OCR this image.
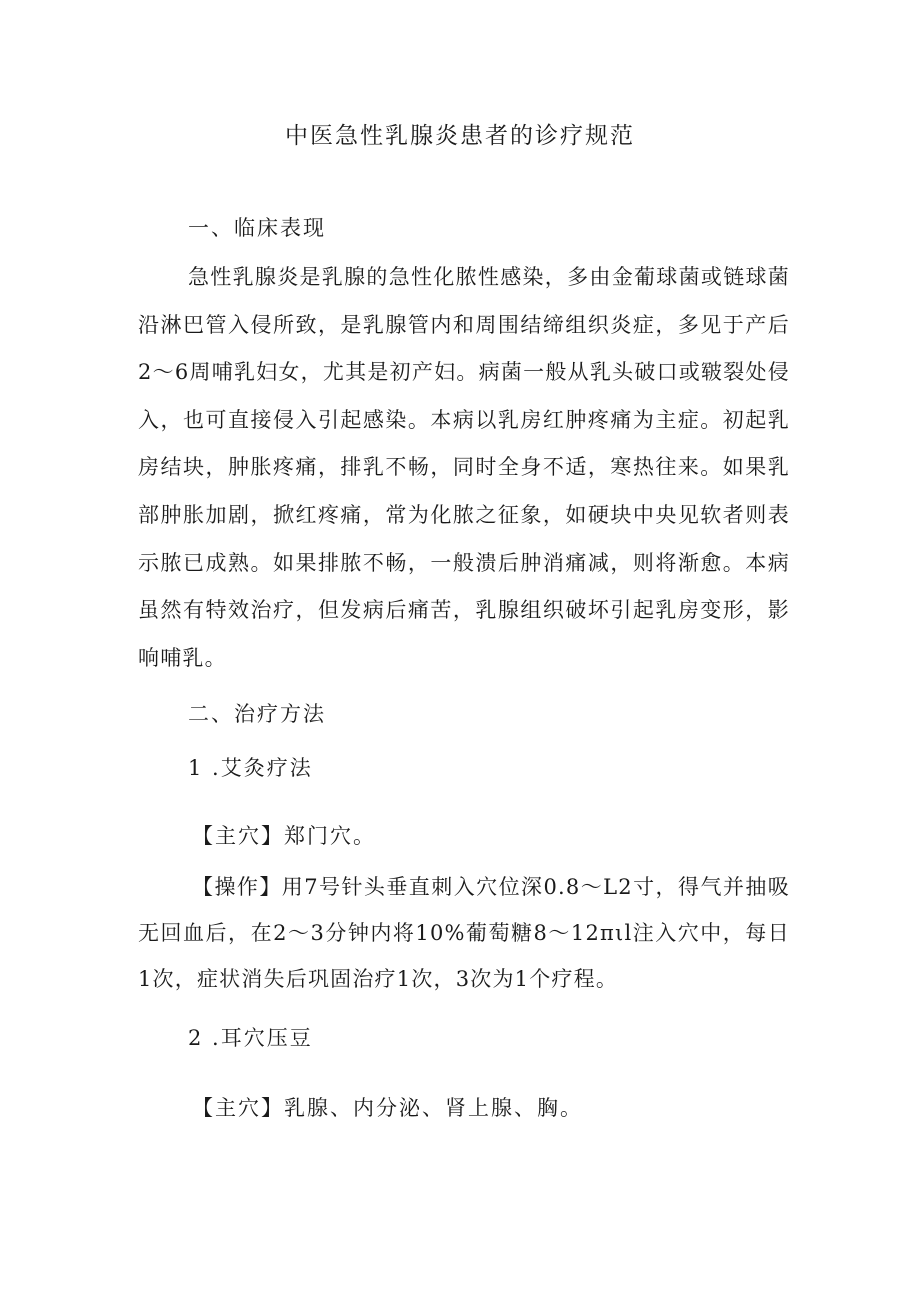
中医急性乳腺炎患者的诊疗规范
一、临床表现

急性乳腺炎是乳腺的急性化脓性感染，多由金葡球菌或链球菌沿淋巴管入侵所致，是乳腺管内和周围结缔组织炎症，多见于产后2～6周哺乳妇女，尤其是初产妇。病菌一般从乳头破口或皲裂处侵入，也可直接侵入引起感染。本病以乳房红肿疼痛为主症。初起乳房结块，肿胀疼痛，排乳不畅，同时全身不适，寒热往来。如果乳部肿胀加剧，掀红疼痛，常为化脓之征象，如硬块中央见软者则表示脓已成熟。如果排脓不畅，一般溃后肿消痛减，则将渐愈。本病虽然有特效治疗，但发病后痛苦，乳腺组织破坏引起乳房变形，影响哺乳。

二、治疗方法
1 .艾灸疗法
【主穴】郑门穴。

【操作】用7号针头垂直刺入穴位深0.8～L2寸，得气并抽吸无回血后，在2～3分钟内将10%葡萄糖8～12πιl注入穴中，每日1次，症状消失后巩固治疗1次，3次为1个疗程。

2 .耳穴压豆
【主穴】乳腺、内分泌、肾上腺、胸。
